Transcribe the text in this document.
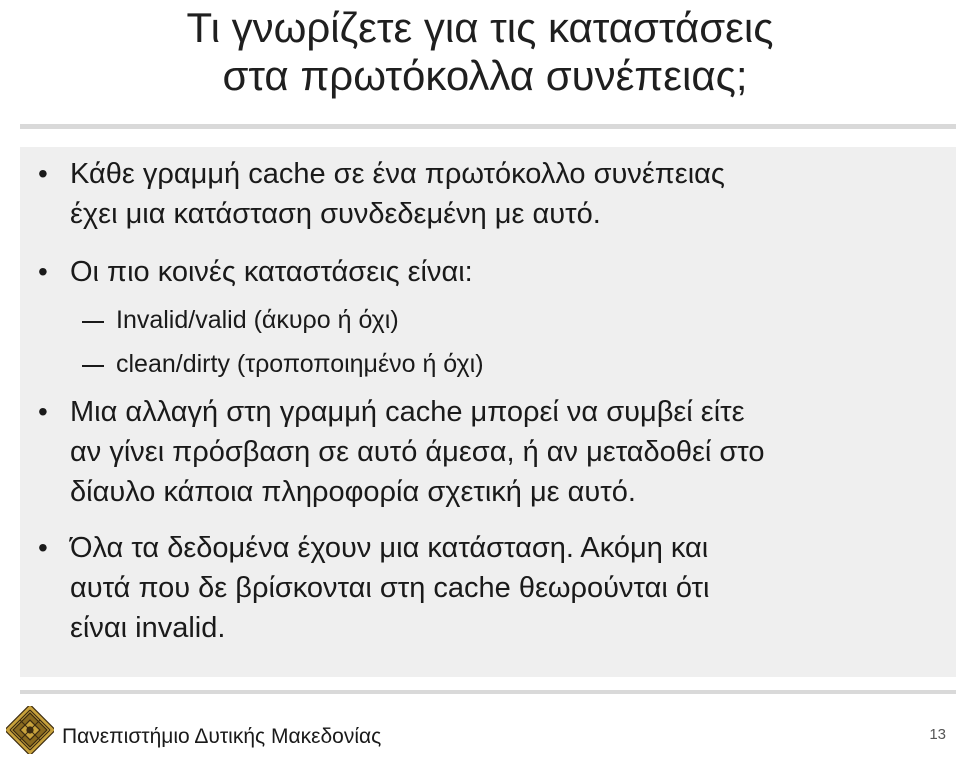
Τι γνωρίζετε για τις καταστάσεις
στα πρωτόκολλα συνέπειας;
• Κάθε γραμμή cache σε ένα πρωτόκολλο συνέπειας
έχει μια κατάσταση συνδεδεμένη με αυτό.
• Οι πιο κοινές καταστάσεις είναι:
Invalid/valid (άκυρο ή όχι)
clean/dirty (τροποποιημένο ή όχι)
• Μια αλλαγή στη γραμμή cache μπορεί να συμβεί είτε
αν γίνει πρόσβαση σε αυτό άμεσα, ή αν μεταδοθεί στο
δίαυλο κάποια πληροφορία σχετική με αυτό.
• Όλα τα δεδομένα έχουν μια κατάσταση. Ακόμη και
αυτά που δε βρίσκονται στη cache θεωρούνται ότι
είναι invalid.
Πανεπιστήμιο Δυτικής Μακεδονίας	13
